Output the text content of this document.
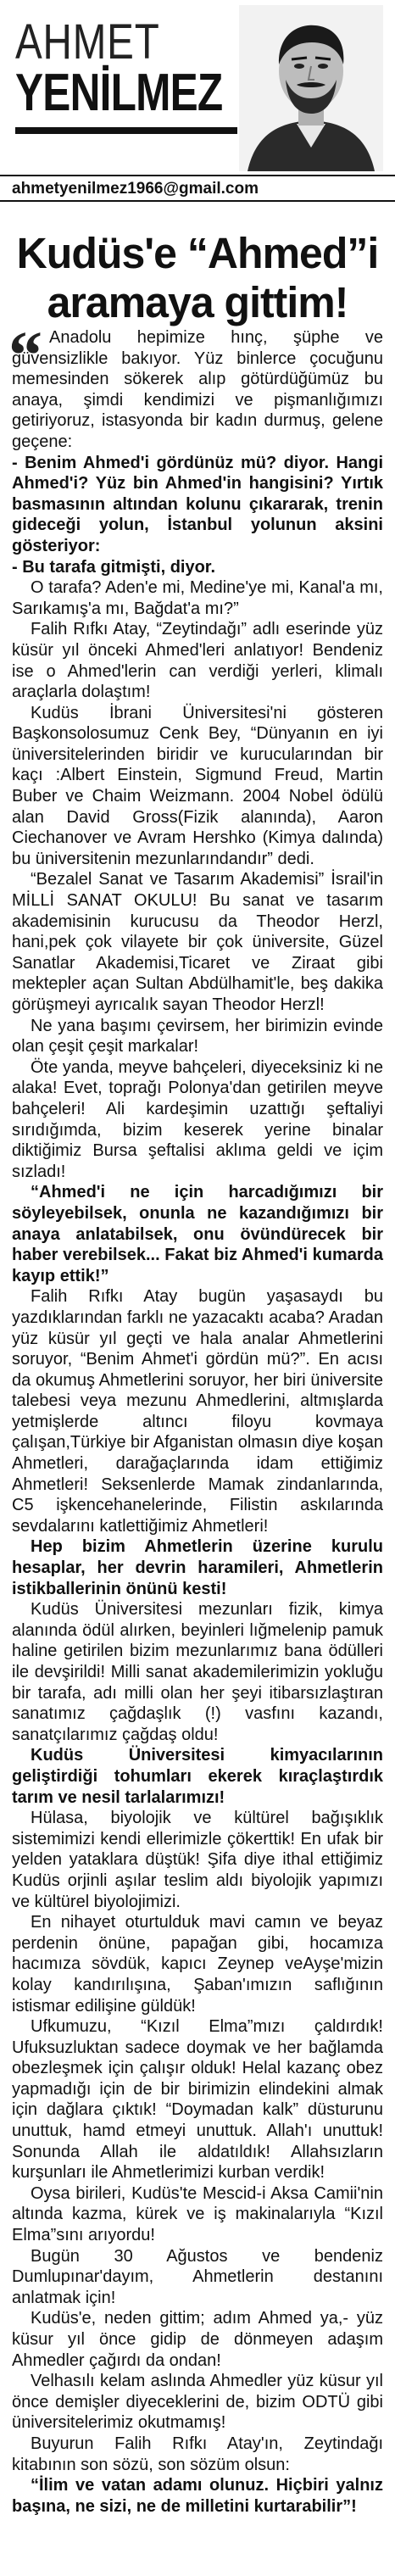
AHMET
YENİLMEZ
ahmetyenilmez1966@gmail.com
Kudüs'e “Ahmed”i
aramaya gittim!
“ Anadolu hepimize hınç, şüphe ve güvensizlikle bakıyor. Yüz binlerce çocuğunu memesinden sökerek alıp götürdüğümüz bu anaya, şimdi kendimizi ve pişmanlığımızı getiriyoruz, istasyonda bir kadın durmuş, gelene geçene:

- Benim Ahmed'i gördünüz mü? diyor. Hangi Ahmed'i? Yüz bin Ahmed'in hangisini? Yırtık basmasının altından kolunu çıkararak, trenin gideceği yolun, İstanbul yolunun aksini gösteriyor:

- Bu tarafa gitmişti, diyor.

O tarafa? Aden'e mi, Medine'ye mi, Kanal'a mı, Sarıkamış'a mı, Bağdat'a mı?”

Falih Rıfkı Atay, “Zeytindağı” adlı eserinde yüz küsür yıl önceki Ahmed'leri anlatıyor! Bendeniz ise o Ahmed'lerin can verdiği yerleri, klimalı araçlarla dolaştım!

Kudüs İbrani Üniversitesi'ni gösteren Başkonsolosumuz Cenk Bey, “Dünyanın en iyi üniversitelerinden biridir ve kurucularından bir kaçı :Albert Einstein, Sigmund Freud, Martin Buber ve Chaim Weizmann. 2004 Nobel ödülü alan David Gross(Fizik alanında), Aaron Ciechanover ve Avram Hershko (Kimya dalında) bu üniversitenin mezunlarındandır” dedi.

“Bezalel Sanat ve Tasarım Akademisi” İsrail'in MİLLİ SANAT OKULU! Bu sanat ve tasarım akademisinin kurucusu da Theodor Herzl, hani,pek çok vilayete bir çok üniversite, Güzel Sanatlar Akademisi,Ticaret ve Ziraat gibi mektepler açan Sultan Abdülhamit'le, beş dakika görüşmeyi ayrıcalık sayan Theodor Herzl!

Ne yana başımı çevirsem, her birimizin evinde olan çeşit çeşit markalar!

Öte yanda, meyve bahçeleri, diyeceksiniz ki ne alaka! Evet, toprağı Polonya'dan getirilen meyve bahçeleri! Ali kardeşimin uzattığı şeftaliyi sırıdığımda, bizim keserek yerine binalar diktiğimiz Bursa şeftalisi aklıma geldi ve içim sızladı!

“Ahmed'i ne için harcadığımızı bir söyleyebilsek, onunla ne kazandığımızı bir anaya anlatabilsek, onu övündürecek bir haber verebilsek... Fakat biz Ahmed'i kumarda kayıp ettik!”

Falih Rıfkı Atay bugün yaşasaydı bu yazdıklarından farklı ne yazacaktı acaba? Aradan yüz küsür yıl geçti ve hala analar Ahmetlerini soruyor, “Benim Ahmet'i gördün mü?”. En acısı da okumuş Ahmetlerini soruyor, her biri üniversite talebesi veya mezunu Ahmedlerini, altmışlarda yetmişlerde altıncı filoyu kovmaya çalışan,Türkiye bir Afganistan olmasın diye koşan Ahmetleri, darağaçlarında idam ettiğimiz Ahmetleri! Seksenlerde Mamak zindanlarında, C5 işkencehanelerinde, Filistin askılarında sevdalarını katlettiğimiz Ahmetleri!

Hep bizim Ahmetlerin üzerine kurulu hesaplar, her devrin haramileri, Ahmetlerin istikballerinin önünü kesti!

Kudüs Üniversitesi mezunları fizik, kimya alanında ödül alırken, beyinleri lığmelenip pamuk haline getirilen bizim mezunlarımız bana ödülleri ile devşirildi! Milli sanat akademilerimizin yokluğu bir tarafa, adı milli olan her şeyi itibarsızlaştıran sanatımız çağdaşlık (!) vasfını kazandı, sanatçılarımız çağdaş oldu!

Kudüs Üniversitesi kimyacılarının geliştirdiği tohumları ekerek kıraçlaştırdık tarım ve nesil tarlalarımızı!

Hülasa, biyolojik ve kültürel bağışıklık sistemimizi kendi ellerimizle çökerttik! En ufak bir yelden yataklara düştük! Şifa diye ithal ettiğimiz Kudüs orjinli aşılar teslim aldı biyolojik yapımızı ve kültürel biyolojimizi.

En nihayet oturtulduk mavi camın ve beyaz perdenin önüne, papağan gibi, hocamıza hacımıza sövdük, kapıcı Zeynep veAyşe'mizin kolay kandırılışına, Şaban'ımızın saflığının istismar edilişine güldük!

Ufkumuzu, “Kızıl Elma”mızı çaldırdık! Ufuksuzluktan sadece doymak ve her bağlamda obezleşmek için çalışır olduk! Helal kazanç obez yapmadığı için de bir birimizin elindekini almak için dağlara çıktık! “Doymadan kalk” düsturunu unuttuk, hamd etmeyi unuttuk. Allah'ı unuttuk! Sonunda Allah ile aldatıldık! Allahsızların kurşunları ile Ahmetlerimizi kurban verdik!

Oysa birileri, Kudüs'te Mescid-i Aksa Camii'nin altında kazma, kürek ve iş makinalarıyla “Kızıl Elma”sını arıyordu!

Bugün 30 Ağustos ve bendeniz Dumlupınar'dayım, Ahmetlerin destanını anlatmak için!

Kudüs'e, neden gittim; adım Ahmed ya,- yüz küsur yıl önce gidip de dönmeyen adaşım Ahmedler çağırdı da ondan!

Velhasılı kelam aslında Ahmedler yüz küsur yıl önce demişler diyeceklerini de, bizim ODTÜ gibi üniversitelerimiz okutmamış!

Buyurun Falih Rıfkı Atay'ın, Zeytindağı kitabının son sözü, son sözüm olsun:

“İlim ve vatan adamı olunuz. Hiçbiri yalnız başına, ne sizi, ne de milletini kurtarabilir”!
